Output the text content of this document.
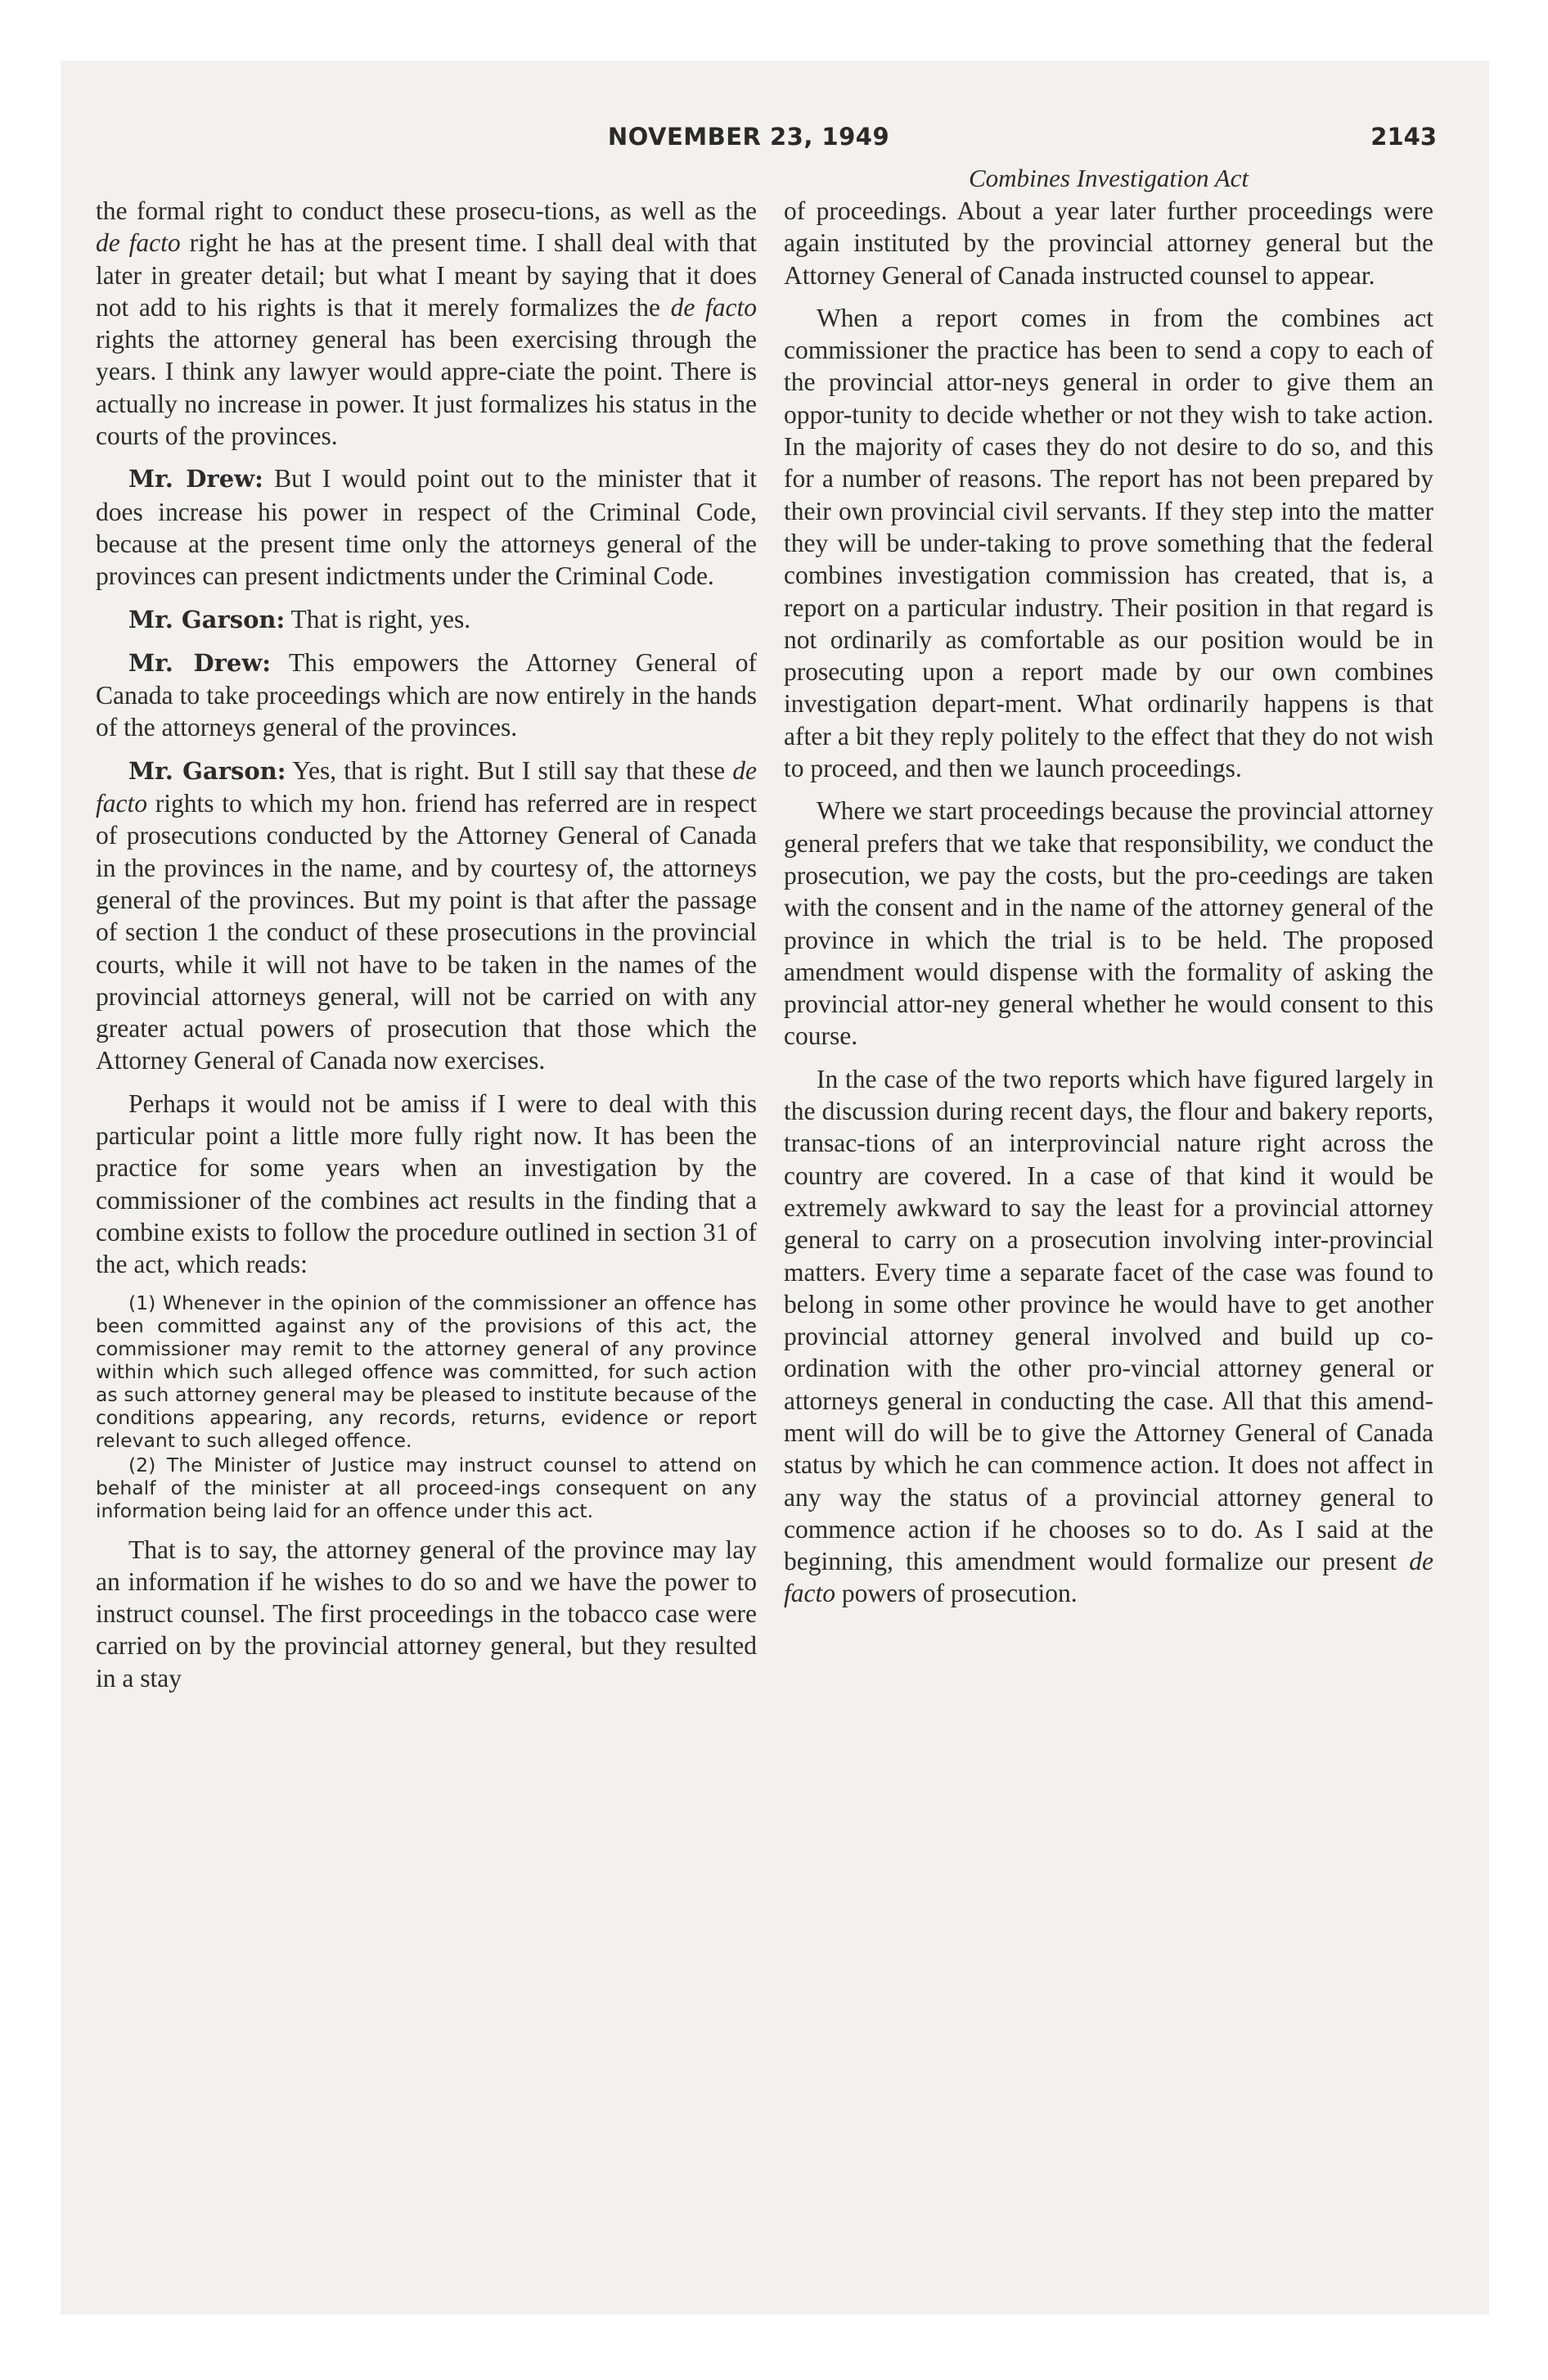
NOVEMBER 23, 1949	2143
Combines Investigation Act

the formal right to conduct these prosecu-tions, as well as the de facto right he has at the present time. I shall deal with that later in greater detail; but what I meant by saying that it does not add to his rights is that it merely formalizes the de facto rights the attorney general has been exercising through the years. I think any lawyer would appre-ciate the point. There is actually no increase in power. It just formalizes his status in the courts of the provinces.

Mr. Drew: But I would point out to the minister that it does increase his power in respect of the Criminal Code, because at the present time only the attorneys general of the provinces can present indictments under the Criminal Code.

Mr. Garson: That is right, yes.

Mr. Drew: This empowers the Attorney General of Canada to take proceedings which are now entirely in the hands of the attorneys general of the provinces.

Mr. Garson: Yes, that is right. But I still say that these de facto rights to which my hon. friend has referred are in respect of prosecutions conducted by the Attorney General of Canada in the provinces in the name, and by courtesy of, the attorneys general of the provinces. But my point is that after the passage of section 1 the conduct of these prosecutions in the provincial courts, while it will not have to be taken in the names of the provincial attorneys general, will not be carried on with any greater actual powers of prosecution that those which the Attorney General of Canada now exercises.

Perhaps it would not be amiss if I were to deal with this particular point a little more fully right now. It has been the practice for some years when an investigation by the commissioner of the combines act results in the finding that a combine exists to follow the procedure outlined in section 31 of the act, which reads:

(1) Whenever in the opinion of the commissioner an offence has been committed against any of the provisions of this act, the commissioner may remit to the attorney general of any province within which such alleged offence was committed, for such action as such attorney general may be pleased to institute because of the conditions appearing, any records, returns, evidence or report relevant to such alleged offence.

(2) The Minister of Justice may instruct counsel to attend on behalf of the minister at all proceed-ings consequent on any information being laid for an offence under this act.

That is to say, the attorney general of the province may lay an information if he wishes to do so and we have the power to instruct counsel. The first proceedings in the tobacco case were carried on by the provincial attorney general, but they resulted in a stay

of proceedings. About a year later further proceedings were again instituted by the provincial attorney general but the Attorney General of Canada instructed counsel to appear.

When a report comes in from the combines act commissioner the practice has been to send a copy to each of the provincial attor-neys general in order to give them an oppor-tunity to decide whether or not they wish to take action. In the majority of cases they do not desire to do so, and this for a number of reasons. The report has not been prepared by their own provincial civil servants. If they step into the matter they will be under-taking to prove something that the federal combines investigation commission has created, that is, a report on a particular industry. Their position in that regard is not ordinarily as comfortable as our position would be in prosecuting upon a report made by our own combines investigation depart-ment. What ordinarily happens is that after a bit they reply politely to the effect that they do not wish to proceed, and then we launch proceedings.

Where we start proceedings because the provincial attorney general prefers that we take that responsibility, we conduct the prosecution, we pay the costs, but the pro-ceedings are taken with the consent and in the name of the attorney general of the province in which the trial is to be held. The proposed amendment would dispense with the formality of asking the provincial attor-ney general whether he would consent to this course.

In the case of the two reports which have figured largely in the discussion during recent days, the flour and bakery reports, transac-tions of an interprovincial nature right across the country are covered. In a case of that kind it would be extremely awkward to say the least for a provincial attorney general to carry on a prosecution involving inter-provincial matters. Every time a separate facet of the case was found to belong in some other province he would have to get another provincial attorney general involved and build up co-ordination with the other pro-vincial attorney general or attorneys general in conducting the case. All that this amend-ment will do will be to give the Attorney General of Canada status by which he can commence action. It does not affect in any way the status of a provincial attorney general to commence action if he chooses so to do. As I said at the beginning, this amendment would formalize our present de facto powers of prosecution.
